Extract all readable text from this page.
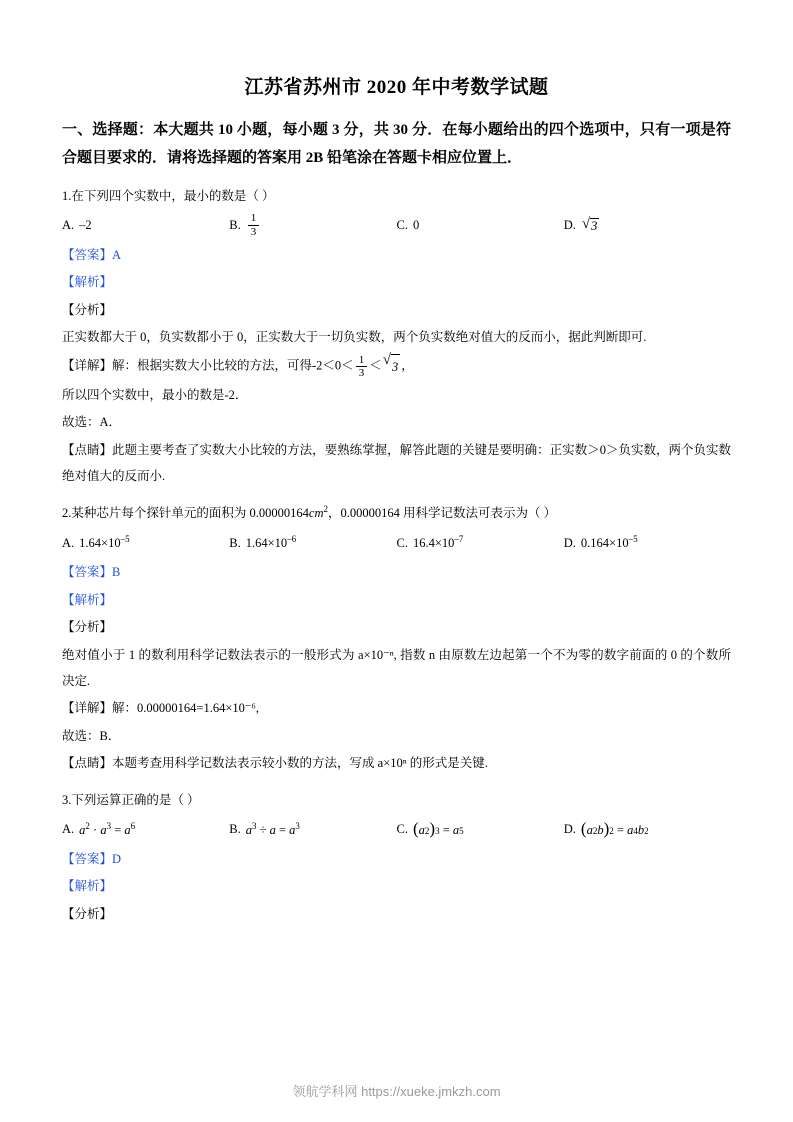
江苏省苏州市 2020 年中考数学试题
一、选择题：本大题共 10 小题，每小题 3 分，共 30 分．在每小题给出的四个选项中，只有一项是符合题目要求的．请将选择题的答案用 2B 铅笔涂在答题卡相应位置上．
1.在下列四个实数中，最小的数是（ ）
A. –2	B. $\frac{1}{3}$	C. 0	D. √ 3
【答案】A
【解析】
【分析】
正实数都大于 0，负实数都小于 0，正实数大于一切负实数，两个负实数绝对值大的反而小，据此判断即可.
【详解】解：根据实数大小比较的方法，可得$-2<0< \frac{1}{3}$ ＜ √ 3 ，
所以四个实数中，最小的数是-2．
故选：A．
【点睛】此题主要考查了实数大小比较的方法，要熟练掌握，解答此题的关键是要明确：正实数＞0＞负实数，两个负实数绝对值大的反而小.
2.某种芯片每个探针单元的面积为 $0.00000164cm^2$，0.00000164 用科学记数法可表示为（ ）
A. $1.64\times 10^{-5}$	B. $1.64\times 10^{-6}$	C. $16.4\times 10^{-7}$	D. $0.164\times 10^{-5}$
【答案】B
【解析】
【分析】
绝对值小于 1 的数利用科学记数法表示的一般形式为 a×10⁻ⁿ, 指数 n 由原数左边起第一个不为零的数字前面的 0 的个数所决定.
【详解】解：0.00000164=1.64×10⁻⁶,
故选：B．
【点睛】本题考查用科学记数法表示较小数的方法，写成 a×10ⁿ 的形式是关键.
3.下列运算正确的是（ ）
A. $a^2 \cdot a^3 = a^6$	B. $a^3 \div a = a^3$	C. ( a 2 ) 3 = a 5	D. ( a 2 b ) 2 = a 4 b 2
【答案】D
【解析】
【分析】
领航学科网 https://xueke.jmkzh.com
